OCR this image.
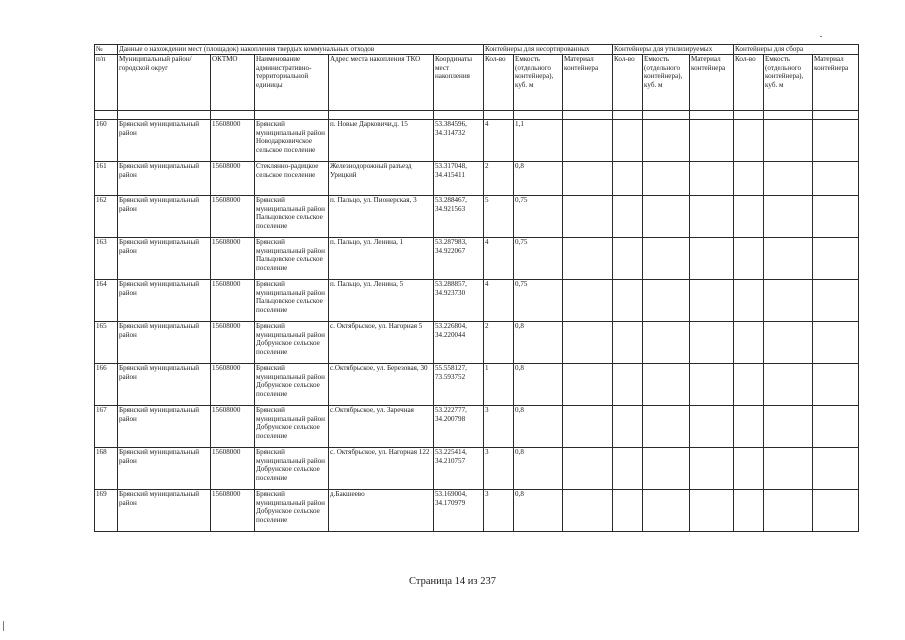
№	Данные о нахождении мест (площадок) накопления твердых коммунальных отходов					Контейнеры для несортированных			Контейнеры для утилизируемых			Контейнеры для сбора		
п/п	Муниципальный район/городской округ	ОКТМО	Наименование административно-территориальной единицы	Адрес места накопления ТКО	Координаты мест накопления	Кол-во	Емкость (отдельного контейнера), куб. м	Материал контейнера	Кол-во	Емкость (отдельного контейнера), куб. м	Материал контейнера	Кол-во	Емкость (отдельного контейнера), куб. м	Материал контейнера

160	Брянский муниципальный район	15608000	Брянский муниципальный район Новодарковичское сельское поселение	п. Новые Дарковичи,д. 15	53.384596, 34.314732	4	1,1							
161	Брянский муниципальный район	15608000	Стеклянно-радицкое сельское поселение	Железнодорожный разъезд Урицкий	53.317048, 34.415411	2	0,8							
162	Брянский муниципальный район	15608000	Брянский муниципальный район Пальцовское сельское поселение	п. Пальцо, ул. Пионерская, 3	53.288467, 34.921563	5	0,75							
163	Брянский муниципальный район	15608000	Брянский муниципальный район Пальцовское сельское поселение	п. Пальцо, ул. Ленина, 1	53.287983, 34.922067	4	0,75							
164	Брянский муниципальный район	15608000	Брянский муниципальный район Пальцовское сельское поселение	п. Пальцо, ул. Ленина, 5	53.288857, 34.923730	4	0,75							
165	Брянский муниципальный район	15608000	Брянский муниципальный район Добрунское сельское поселение	с. Октябрьское, ул. Нагорная 5	53.226804, 34.220044	2	0,8							
166	Брянский муниципальный район	15608000	Брянский муниципальный район Добрунское сельское поселение	с.Октябрьское, ул. Березовая, 30	55.558127, 73.593752	1	0,8							
167	Брянский муниципальный район	15608000	Брянский муниципальный район Добрунское сельское поселение	с.Октябрьское, ул. Заречная	53.222777, 34.200798	3	0,8							
168	Брянский муниципальный район	15608000	Брянский муниципальный район Добрунское сельское поселение	с. Октябрьское, ул. Нагорная 122	53.225414, 34.210757	3	0,8							
169	Брянский муниципальный район	15608000	Брянский муниципальный район Добрунское сельское поселение	д.Бакшеево	53.169004, 34.170979	3	0,8							
Страница 14 из 237
